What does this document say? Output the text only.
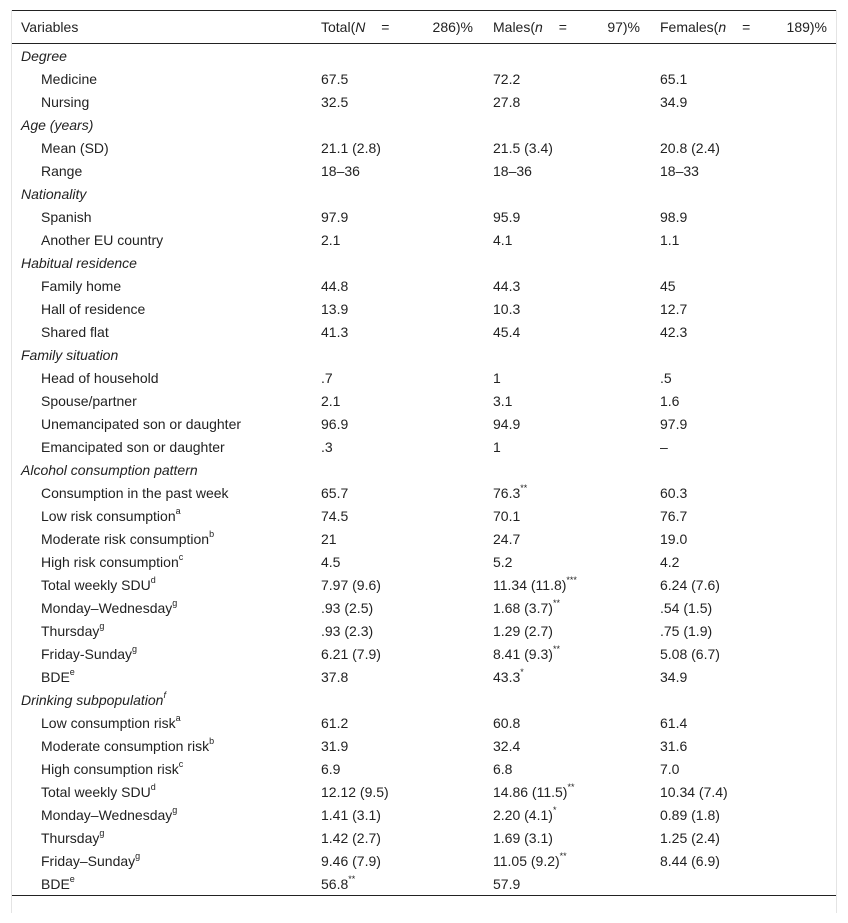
Variables	Total(N = 286)%	Males(n = 97)%	Females(n = 189)%

Degree			
Medicine	67.5	72.2	65.1
Nursing	32.5	27.8	34.9
Age (years)			
Mean (SD)	21.1 (2.8)	21.5 (3.4)	20.8 (2.4)
Range	18–36	18–36	18–33
Nationality			
Spanish	97.9	95.9	98.9
Another EU country	2.1	4.1	1.1
Habitual residence			
Family home	44.8	44.3	45
Hall of residence	13.9	10.3	12.7
Shared flat	41.3	45.4	42.3
Family situation			
Head of household	.7	1	.5
Spouse/partner	2.1	3.1	1.6
Unemancipated son or daughter	96.9	94.9	97.9
Emancipated son or daughter	.3	1	–
Alcohol consumption pattern			
Consumption in the past week	65.7	76.3**	60.3
Low risk consumption$^a$	74.5	70.1	76.7
Moderate risk consumption$^b$	21	24.7	19.0
High risk consumption$^c$	4.5	5.2	4.2
Total weekly SDU$^d$	7.97 (9.6)	11.34 (11.8)***	6.24 (7.6)
Monday–Wednesday$^g$	.93 (2.5)	1.68 (3.7)**	.54 (1.5)
Thursday$^g$	.93 (2.3)	1.29 (2.7)	.75 (1.9)
Friday-Sunday$^g$	6.21 (7.9)	8.41 (9.3)**	5.08 (6.7)
BDE$^e$	37.8	43.3*	34.9
Drinking subpopulation$^f$
Low consumption risk$^a$	61.2	60.8	61.4
Moderate consumption risk$^b$	31.9	32.4	31.6
High consumption risk$^c$	6.9	6.8	7.0
Total weekly SDU$^d$	12.12 (9.5)	14.86 (11.5)**	10.34 (7.4)
Monday–Wednesday$^g$	1.41 (3.1)	2.20 (4.1)*	0.89 (1.8)
Thursday$^g$	1.42 (2.7)	1.69 (3.1)	1.25 (2.4)
Friday–Sunday$^g$	9.46 (7.9)	11.05 (9.2)**	8.44 (6.9)
BDE$^e$	56.8**	57.9	
